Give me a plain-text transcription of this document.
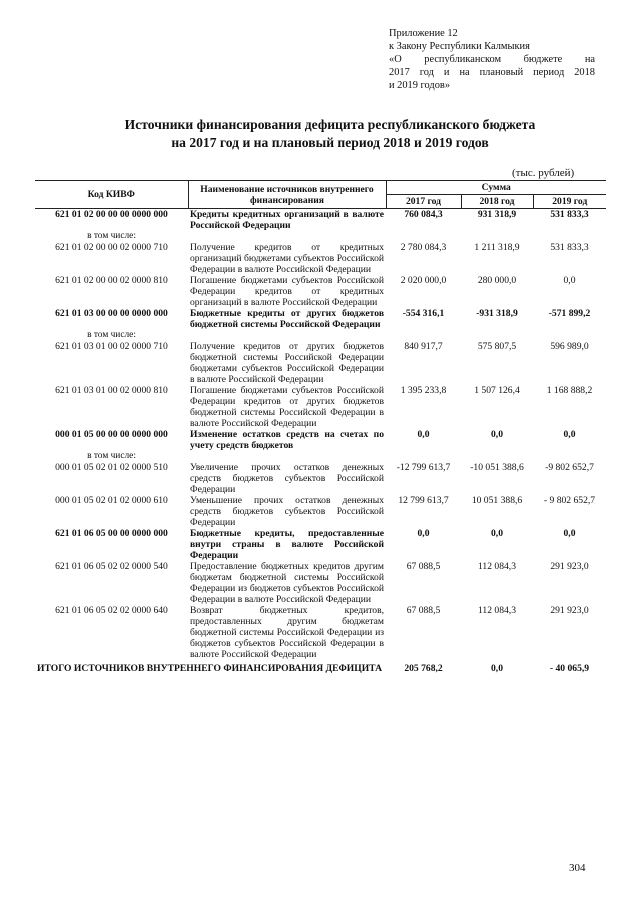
Приложение 12
к Закону Республики Калмыкия
«О республиканском бюджете на
2017 год и на плановый период 2018
и 2019 годов»
Источники финансирования дефицита республиканского бюджета
на 2017 год и на плановый период 2018 и 2019 годов
(тыс. рублей)
Код КИВФ	Наименование источников внутреннего финансирования	Сумма		
		2017 год	2018 год	2019 год
621 01 02 00 00 00 0000 000	Кредиты кредитных организаций в валюте Российской Федерации	760 084,3	931 318,9	531 833,3
в том числе:				
621 01 02 00 00 02 0000 710	Получение кредитов от кредитных организаций бюджетами субъектов Российской Федерации в валюте Российской Федерации	2 780 084,3	1 211 318,9	531 833,3
621 01 02 00 00 02 0000 810	Погашение бюджетами субъектов Российской Федерации кредитов от кредитных организаций в валюте Российской Федерации	2 020 000,0	280 000,0	0,0
621 01 03 00 00 00 0000 000	Бюджетные кредиты от других бюджетов бюджетной системы Российской Федерации	-554 316,1	-931 318,9	-571 899,2
в том числе:				
621 01 03 01 00 02 0000 710	Получение кредитов от других бюджетов бюджетной системы Российской Федерации бюджетами субъектов Российской Федерации в валюте Российской Федерации	840 917,7	575 807,5	596 989,0
621 01 03 01 00 02 0000 810	Погашение бюджетами субъектов Российской Федерации кредитов от других бюджетов бюджетной системы Российской Федерации в валюте Российской Федерации	1 395 233,8	1 507 126,4	1 168 888,2
000 01 05 00 00 00 0000 000	Изменение остатков средств на счетах по учету средств бюджетов	0,0	0,0	0,0
в том числе:				
000 01 05 02 01 02 0000 510	Увеличение прочих остатков денежных средств бюджетов субъектов Российской Федерации	-12 799 613,7	-10 051 388,6	-9 802 652,7
000 01 05 02 01 02 0000 610	Уменьшение прочих остатков денежных средств бюджетов субъектов Российской Федерации	12 799 613,7	10 051 388,6	- 9 802 652,7
621 01 06 05 00 00 0000 000	Бюджетные кредиты, предоставленные внутри страны в валюте Российской Федерации	0,0	0,0	0,0
621 01 06 05 02 02 0000 540	Предоставление бюджетных кредитов другим бюджетам бюджетной системы Российской Федерации из бюджетов субъектов Российской Федерации в валюте Российской Федерации	67 088,5	112 084,3	291 923,0
621 01 06 05 02 02 0000 640	Возврат бюджетных кредитов, предоставленных другим бюджетам бюджетной системы Российской Федерации из бюджетов субъектов Российской Федерации в валюте Российской Федерации	67 088,5	112 084,3	291 923,0
ИТОГО ИСТОЧНИКОВ ВНУТРЕННЕГО ФИНАНСИРОВАНИЯ ДЕФИЦИТА		205 768,2	0,0	- 40 065,9
304
